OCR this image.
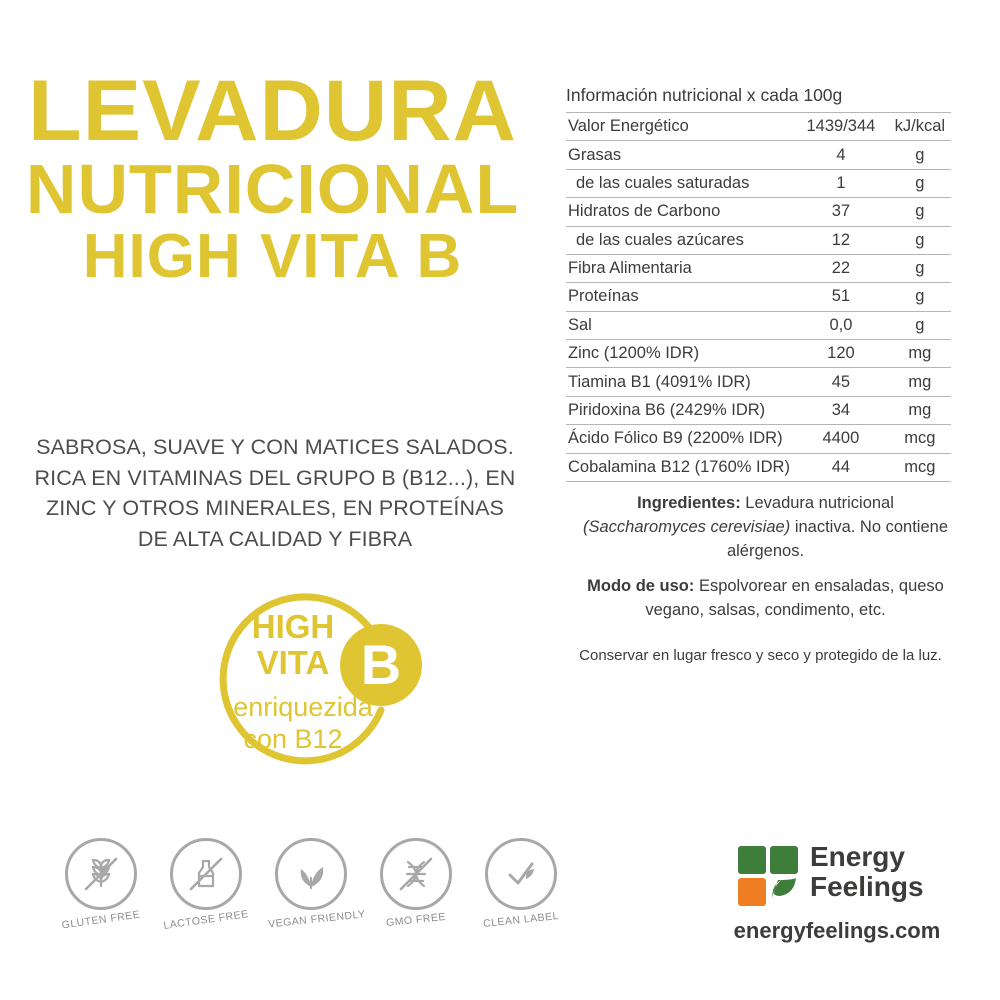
LEVADURA
NUTRICIONAL
HIGH VITA B
SABROSA, SUAVE Y CON MATICES SALADOS. RICA EN VITAMINAS DEL GRUPO B (B12...), EN ZINC Y OTROS MINERALES, EN PROTEÍNAS DE ALTA CALIDAD Y FIBRA
B
HIGH
VITA
enriquezida
con B12
Información nutricional x cada 100g
Valor Energético	1439/344	kJ/kcal
Grasas	4	g
de las cuales saturadas	1	g
Hidratos de Carbono	37	g
de las cuales azúcares	12	g
Fibra Alimentaria	22	g
Proteínas	51	g
Sal	0,0	g
Zinc (1200% IDR)	120	mg
Tiamina B1 (4091% IDR)	45	mg
Piridoxina B6 (2429% IDR)	34	mg
Ácido Fólico B9 (2200% IDR)	4400	mcg
Cobalamina B12 (1760% IDR)	44	mcg
Ingredientes: Levadura nutricional (Saccharomyces cerevisiae) inactiva. No contiene alérgenos.
Modo de uso: Espolvorear en ensaladas, queso vegano, salsas, condimento, etc.
Conservar en lugar fresco y seco y protegido de la luz.
GLUTEN FREE	LACTOSE FREE VEGAN FRIENDLY	GMO FREE	CLEAN LABEL
Energy
Feelings
energyfeelings.com
